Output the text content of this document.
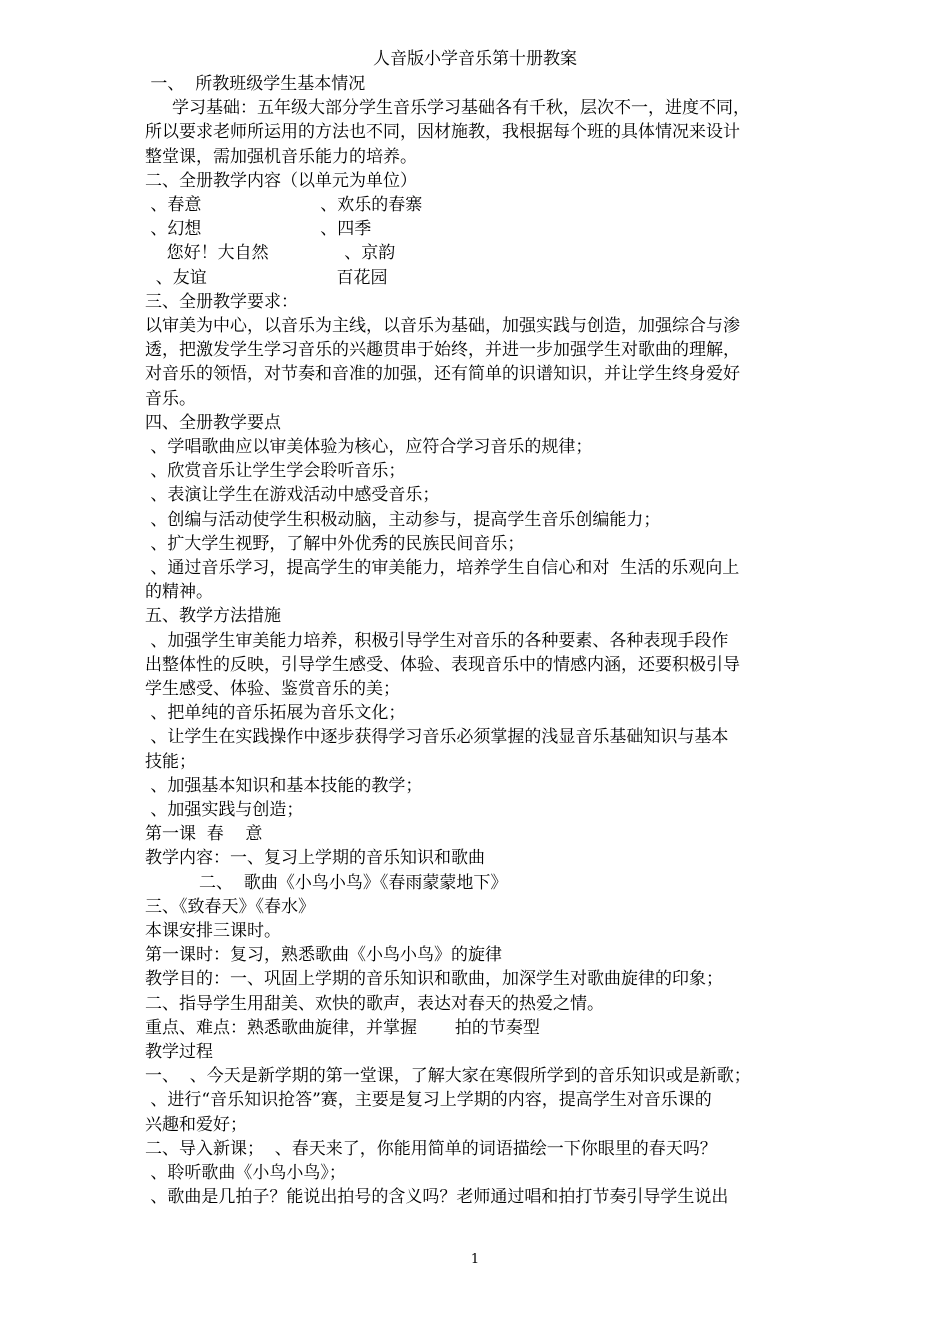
人音版小学音乐第十册教案
一、  所教班级学生基本情况
学习基础：五年级大部分学生音乐学习基础各有千秋，层次不一，进度不同，
所以要求老师所运用的方法也不同，因材施教，我根据每个班的具体情况来设计
整堂课，需加强机音乐能力的培养。
二、全册教学内容（以单元为单位）
、春意                      、欢乐的春寨
、幻想                      、四季
您好！大自然              、京韵
、友谊                        百花园
三、全册教学要求：
以审美为中心，以音乐为主线，以音乐为基础，加强实践与创造，加强综合与渗
透，把激发学生学习音乐的兴趣贯串于始终，并进一步加强学生对歌曲的理解，
对音乐的领悟，对节奏和音准的加强，还有简单的识谱知识，并让学生终身爱好
音乐。
四、全册教学要点
、学唱歌曲应以审美体验为核心，应符合学习音乐的规律；
、欣赏音乐让学生学会聆听音乐；
、表演让学生在游戏活动中感受音乐；
、创编与活动使学生积极动脑，主动参与，提高学生音乐创编能力；
、扩大学生视野，了解中外优秀的民族民间音乐；
、通过音乐学习，提高学生的审美能力，培养学生自信心和对  生活的乐观向上
的精神。
五、教学方法措施
、加强学生审美能力培养，积极引导学生对音乐的各种要素、各种表现手段作
出整体性的反映，引导学生感受、体验、表现音乐中的情感内涵，还要积极引导
学生感受、体验、鉴赏音乐的美；
、把单纯的音乐拓展为音乐文化；
、让学生在实践操作中逐步获得学习音乐必须掌握的浅显音乐基础知识与基本
技能；
、加强基本知识和基本技能的教学；
、加强实践与创造；
第一课  春    意
教学内容：一、复习上学期的音乐知识和歌曲
二、  歌曲《小鸟小鸟》《春雨蒙蒙地下》
三、《致春天》《春水》
本课安排三课时。
第一课时：复习，熟悉歌曲《小鸟小鸟》的旋律
教学目的：一、巩固上学期的音乐知识和歌曲，加深学生对歌曲旋律的印象；
二、指导学生用甜美、欢快的歌声，表达对春天的热爱之情。
重点、难点：熟悉歌曲旋律，并掌握       拍的节奏型
教学过程
一、  、今天是新学期的第一堂课，了解大家在寒假所学到的音乐知识或是新歌；
、进行“音乐知识抢答”赛，主要是复习上学期的内容，提高学生对音乐课的
兴趣和爱好；
二、导入新课；  、春天来了，你能用简单的词语描绘一下你眼里的春天吗？
、聆听歌曲《小鸟小鸟》；
、歌曲是几拍子？能说出拍号的含义吗？老师通过唱和拍打节奏引导学生说出
1
